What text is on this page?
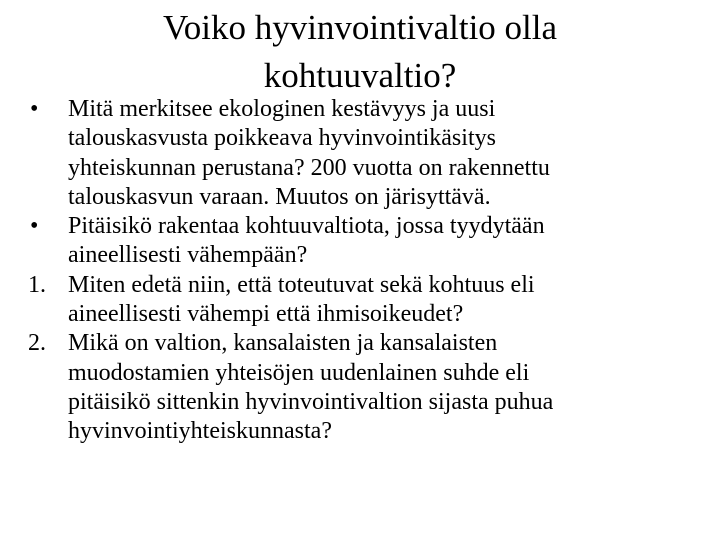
Voiko hyvinvointivaltio olla
kohtuuvaltio?
•	Mitä merkitsee ekologinen kestävyys ja uusi
talouskasvusta poikkeava hyvinvointikäsitys
yhteiskunnan perustana? 200 vuotta on rakennettu
talouskasvun varaan. Muutos on järisyttävä.
•	Pitäisikö rakentaa kohtuuvaltiota, jossa tyydytään
aineellisesti vähempään?
1. Miten edetä niin, että toteutuvat sekä kohtuus eli
aineellisesti vähempi että ihmisoikeudet?
2. Mikä on valtion, kansalaisten ja kansalaisten
muodostamien yhteisöjen uudenlainen suhde eli
pitäisikö sittenkin hyvinvointivaltion sijasta puhua
hyvinvointiyhteiskunnasta?
